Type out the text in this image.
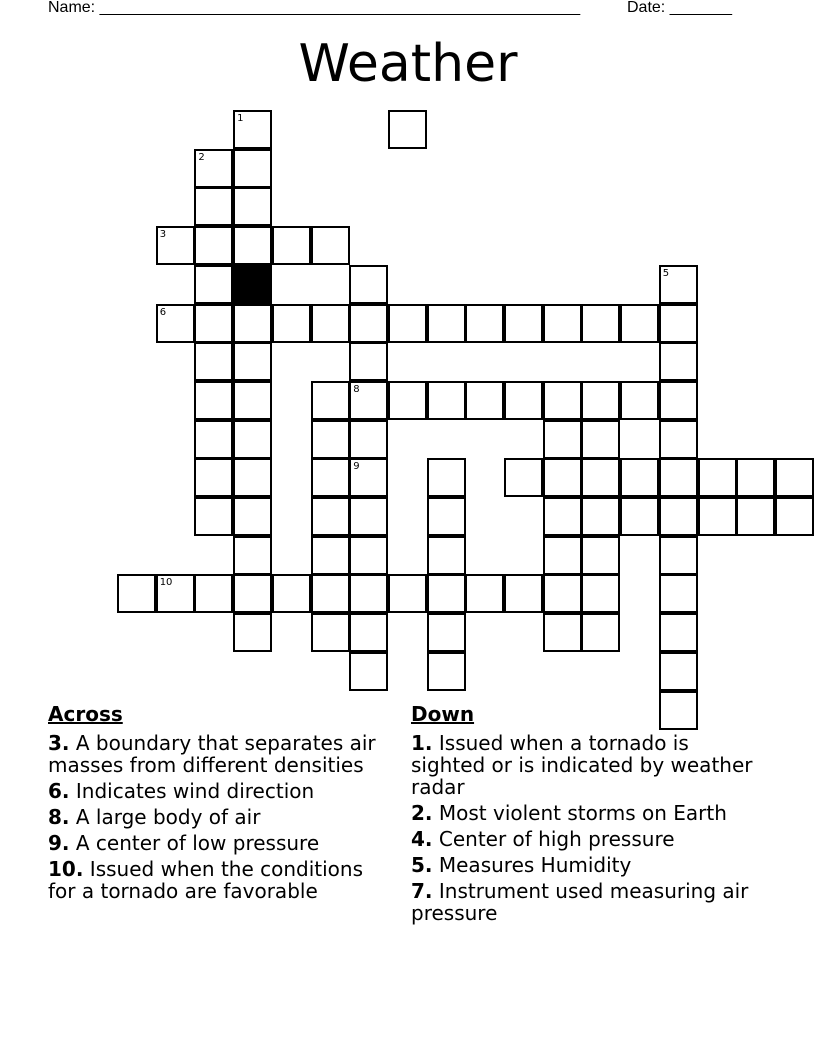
Name: ______________________________________________________	Date: _______
Weather
1
2
3
6
8
9
10
5
Across
3. A boundary that separates air masses from different densities
6. Indicates wind direction
8. A large body of air
9. A center of low pressure
10. Issued when the conditions for a tornado are favorable
Down
1. Issued when a tornado is sighted or is indicated by weather radar
2. Most violent storms on Earth
4. Center of high pressure
5. Measures Humidity
7. Instrument used measuring air pressure
